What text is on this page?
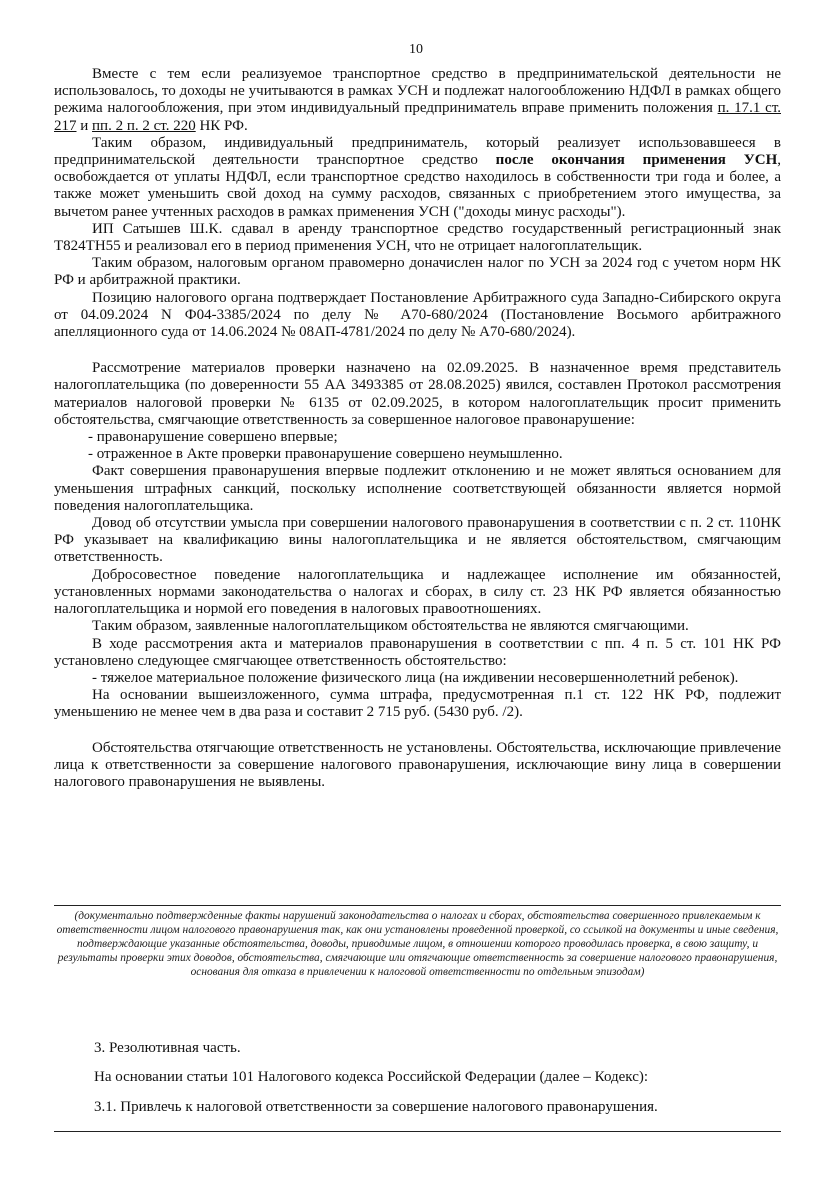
10

Вместе с тем если реализуемое транспортное средство в предпринимательской деятельности не использовалось, то доходы не учитываются в рамках УСН и подлежат налогообложению НДФЛ в рамках общего режима налогообложения, при этом индивидуальный предприниматель вправе применить положения п. 17.1 ст. 217 и пп. 2 п. 2 ст. 220 НК РФ.

Таким образом, индивидуальный предприниматель, который реализует использовавшееся в предпринимательской деятельности транспортное средство после окончания применения УСН, освобождается от уплаты НДФЛ, если транспортное средство находилось в собственности три года и более, а также может уменьшить свой доход на сумму расходов, связанных с приобретением этого имущества, за вычетом ранее учтенных расходов в рамках применения УСН ("доходы минус расходы").

ИП Сатышев Ш.К. сдавал в аренду транспортное средство государственный регистрационный знак Т824ТН55 и реализовал его в период применения УСН, что не отрицает налогоплательщик.

Таким образом, налоговым органом правомерно доначислен налог по УСН за 2024 год с учетом норм НК РФ и арбитражной практики.

Позицию налогового органа подтверждает Постановление Арбитражного суда Западно-Сибирского округа от 04.09.2024 N Ф04-3385/2024 по делу № А70-680/2024 (Постановление Восьмого арбитражного апелляционного суда от 14.06.2024 № 08АП-4781/2024 по делу № А70-680/2024).

Рассмотрение материалов проверки назначено на 02.09.2025. В назначенное время представитель налогоплательщика (по доверенности 55 АА 3493385 от 28.08.2025) явился, составлен Протокол рассмотрения материалов налоговой проверки № 6135 от 02.09.2025, в котором налогоплательщик просит применить обстоятельства, смягчающие ответственность за совершенное налоговое правонарушение:

- правонарушение совершено впервые;

- отраженное в Акте проверки правонарушение совершено неумышленно.

Факт совершения правонарушения впервые подлежит отклонению и не может являться основанием для уменьшения штрафных санкций, поскольку исполнение соответствующей обязанности является нормой поведения налогоплательщика.

Довод об отсутствии умысла при совершении налогового правонарушения в соответствии с п. 2 ст. 110НК РФ указывает на квалификацию вины налогоплательщика и не является обстоятельством, смягчающим ответственность.

Добросовестное поведение налогоплательщика и надлежащее исполнение им обязанностей, установленных нормами законодательства о налогах и сборах, в силу ст. 23 НК РФ является обязанностью налогоплательщика и нормой его поведения в налоговых правоотношениях.

Таким образом, заявленные налогоплательщиком обстоятельства не являются смягчающими.

В ходе рассмотрения акта и материалов правонарушения в соответствии с пп. 4 п. 5 ст. 101 НК РФ установлено следующее смягчающее ответственность обстоятельство:

- тяжелое материальное положение физического лица (на иждивении несовершеннолетний ребенок).

На основании вышеизложенного, сумма штрафа, предусмотренная п.1 ст. 122 НК РФ, подлежит уменьшению не менее чем в два раза и составит 2 715 руб. (5430 руб. /2).

Обстоятельства отягчающие ответственность не установлены. Обстоятельства, исключающие привлечение лица к ответственности за совершение налогового правонарушения, исключающие вину лица в совершении налогового правонарушения не выявлены.

(документально подтвержденные факты нарушений законодательства о налогах и сборах, обстоятельства совершенного привлекаемым к ответственности лицом налогового правонарушения так, как они установлены проведенной проверкой, со ссылкой на документы и иные сведения, подтверждающие указанные обстоятельства, доводы, приводимые лицом, в отношении которого проводилась проверка, в свою защиту, и результаты проверки этих доводов, обстоятельства, смягчающие или отягчающие ответственность за совершение налогового правонарушения, основания для отказа в привлечении к налоговой ответственности по отдельным эпизодам)
3. Резолютивная часть.
На основании статьи 101 Налогового кодекса Российской Федерации (далее – Кодекс):
3.1. Привлечь к налоговой ответственности за совершение налогового правонарушения.
